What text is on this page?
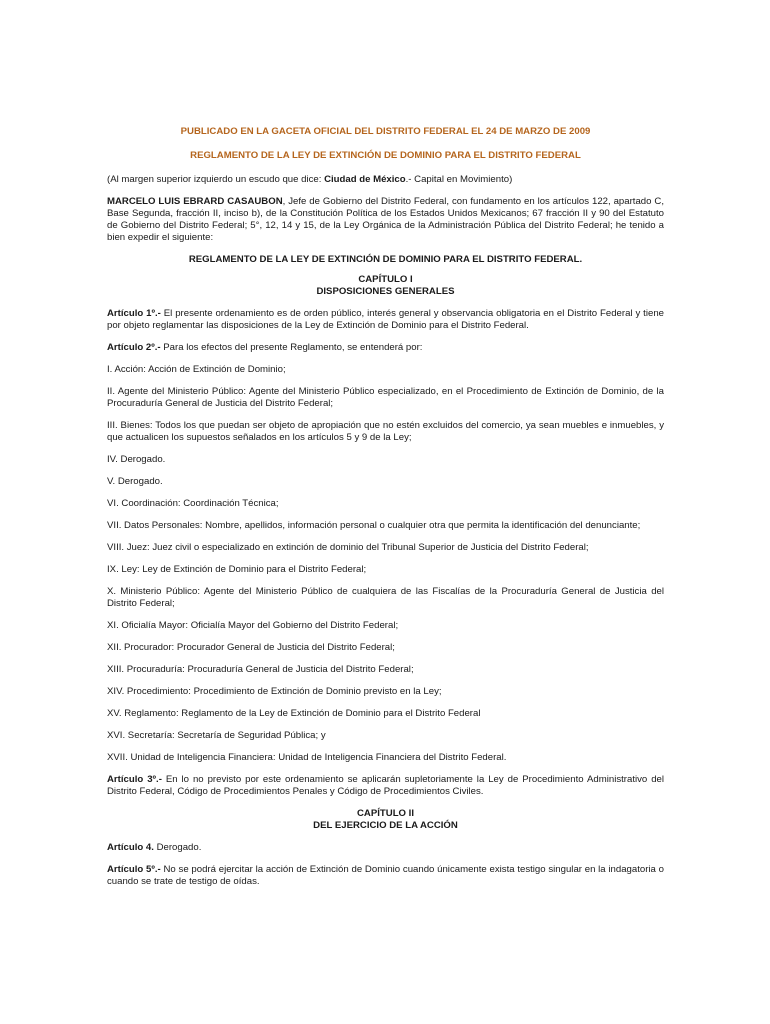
PUBLICADO EN LA GACETA OFICIAL DEL DISTRITO FEDERAL EL 24 DE MARZO DE 2009

REGLAMENTO DE LA LEY DE EXTINCIÓN DE DOMINIO PARA EL DISTRITO FEDERAL

(Al margen superior izquierdo un escudo que dice: Ciudad de México.- Capital en Movimiento)

MARCELO LUIS EBRARD CASAUBON, Jefe de Gobierno del Distrito Federal, con fundamento en los artículos 122, apartado C, Base Segunda, fracción II, inciso b), de la Constitución Política de los Estados Unidos Mexicanos; 67 fracción II y 90 del Estatuto de Gobierno del Distrito Federal; 5°, 12, 14 y 15, de la Ley Orgánica de la Administración Pública del Distrito Federal; he tenido a bien expedir el siguiente:

REGLAMENTO DE LA LEY DE EXTINCIÓN DE DOMINIO PARA EL DISTRITO FEDERAL.

CAPÍTULO I
DISPOSICIONES GENERALES

Artículo 1º.- El presente ordenamiento es de orden público, interés general y observancia obligatoria en el Distrito Federal y tiene por objeto reglamentar las disposiciones de la Ley de Extinción de Dominio para el Distrito Federal.

Artículo 2º.- Para los efectos del presente Reglamento, se entenderá por:

I. Acción: Acción de Extinción de Dominio;

II. Agente del Ministerio Público: Agente del Ministerio Público especializado, en el Procedimiento de Extinción de Dominio, de la Procuraduría General de Justicia del Distrito Federal;

III. Bienes: Todos los que puedan ser objeto de apropiación que no estén excluidos del comercio, ya sean muebles e inmuebles, y que actualicen los supuestos señalados en los artículos 5 y 9 de la Ley;

IV. Derogado.

V. Derogado.

VI. Coordinación: Coordinación Técnica;

VII. Datos Personales: Nombre, apellidos, información personal o cualquier otra que permita la identificación del denunciante;

VIII. Juez: Juez civil o especializado en extinción de dominio del Tribunal Superior de Justicia del Distrito Federal;

IX. Ley: Ley de Extinción de Dominio para el Distrito Federal;

X. Ministerio Público: Agente del Ministerio Público de cualquiera de las Fiscalías de la Procuraduría General de Justicia del Distrito Federal;

XI. Oficialía Mayor: Oficialía Mayor del Gobierno del Distrito Federal;

XII. Procurador: Procurador General de Justicia del Distrito Federal;

XIII. Procuraduría: Procuraduría General de Justicia del Distrito Federal;

XIV. Procedimiento: Procedimiento de Extinción de Dominio previsto en la Ley;

XV. Reglamento: Reglamento de la Ley de Extinción de Dominio para el Distrito Federal

XVI. Secretaría: Secretaría de Seguridad Pública; y

XVII. Unidad de Inteligencia Financiera: Unidad de Inteligencia Financiera del Distrito Federal.

Artículo 3º.- En lo no previsto por este ordenamiento se aplicarán supletoriamente la Ley de Procedimiento Administrativo del Distrito Federal, Código de Procedimientos Penales y Código de Procedimientos Civiles.

CAPÍTULO II
DEL EJERCICIO DE LA ACCIÓN

Artículo 4. Derogado.

Artículo 5º.- No se podrá ejercitar la acción de Extinción de Dominio cuando únicamente exista testigo singular en la indagatoria o cuando se trate de testigo de oídas.
